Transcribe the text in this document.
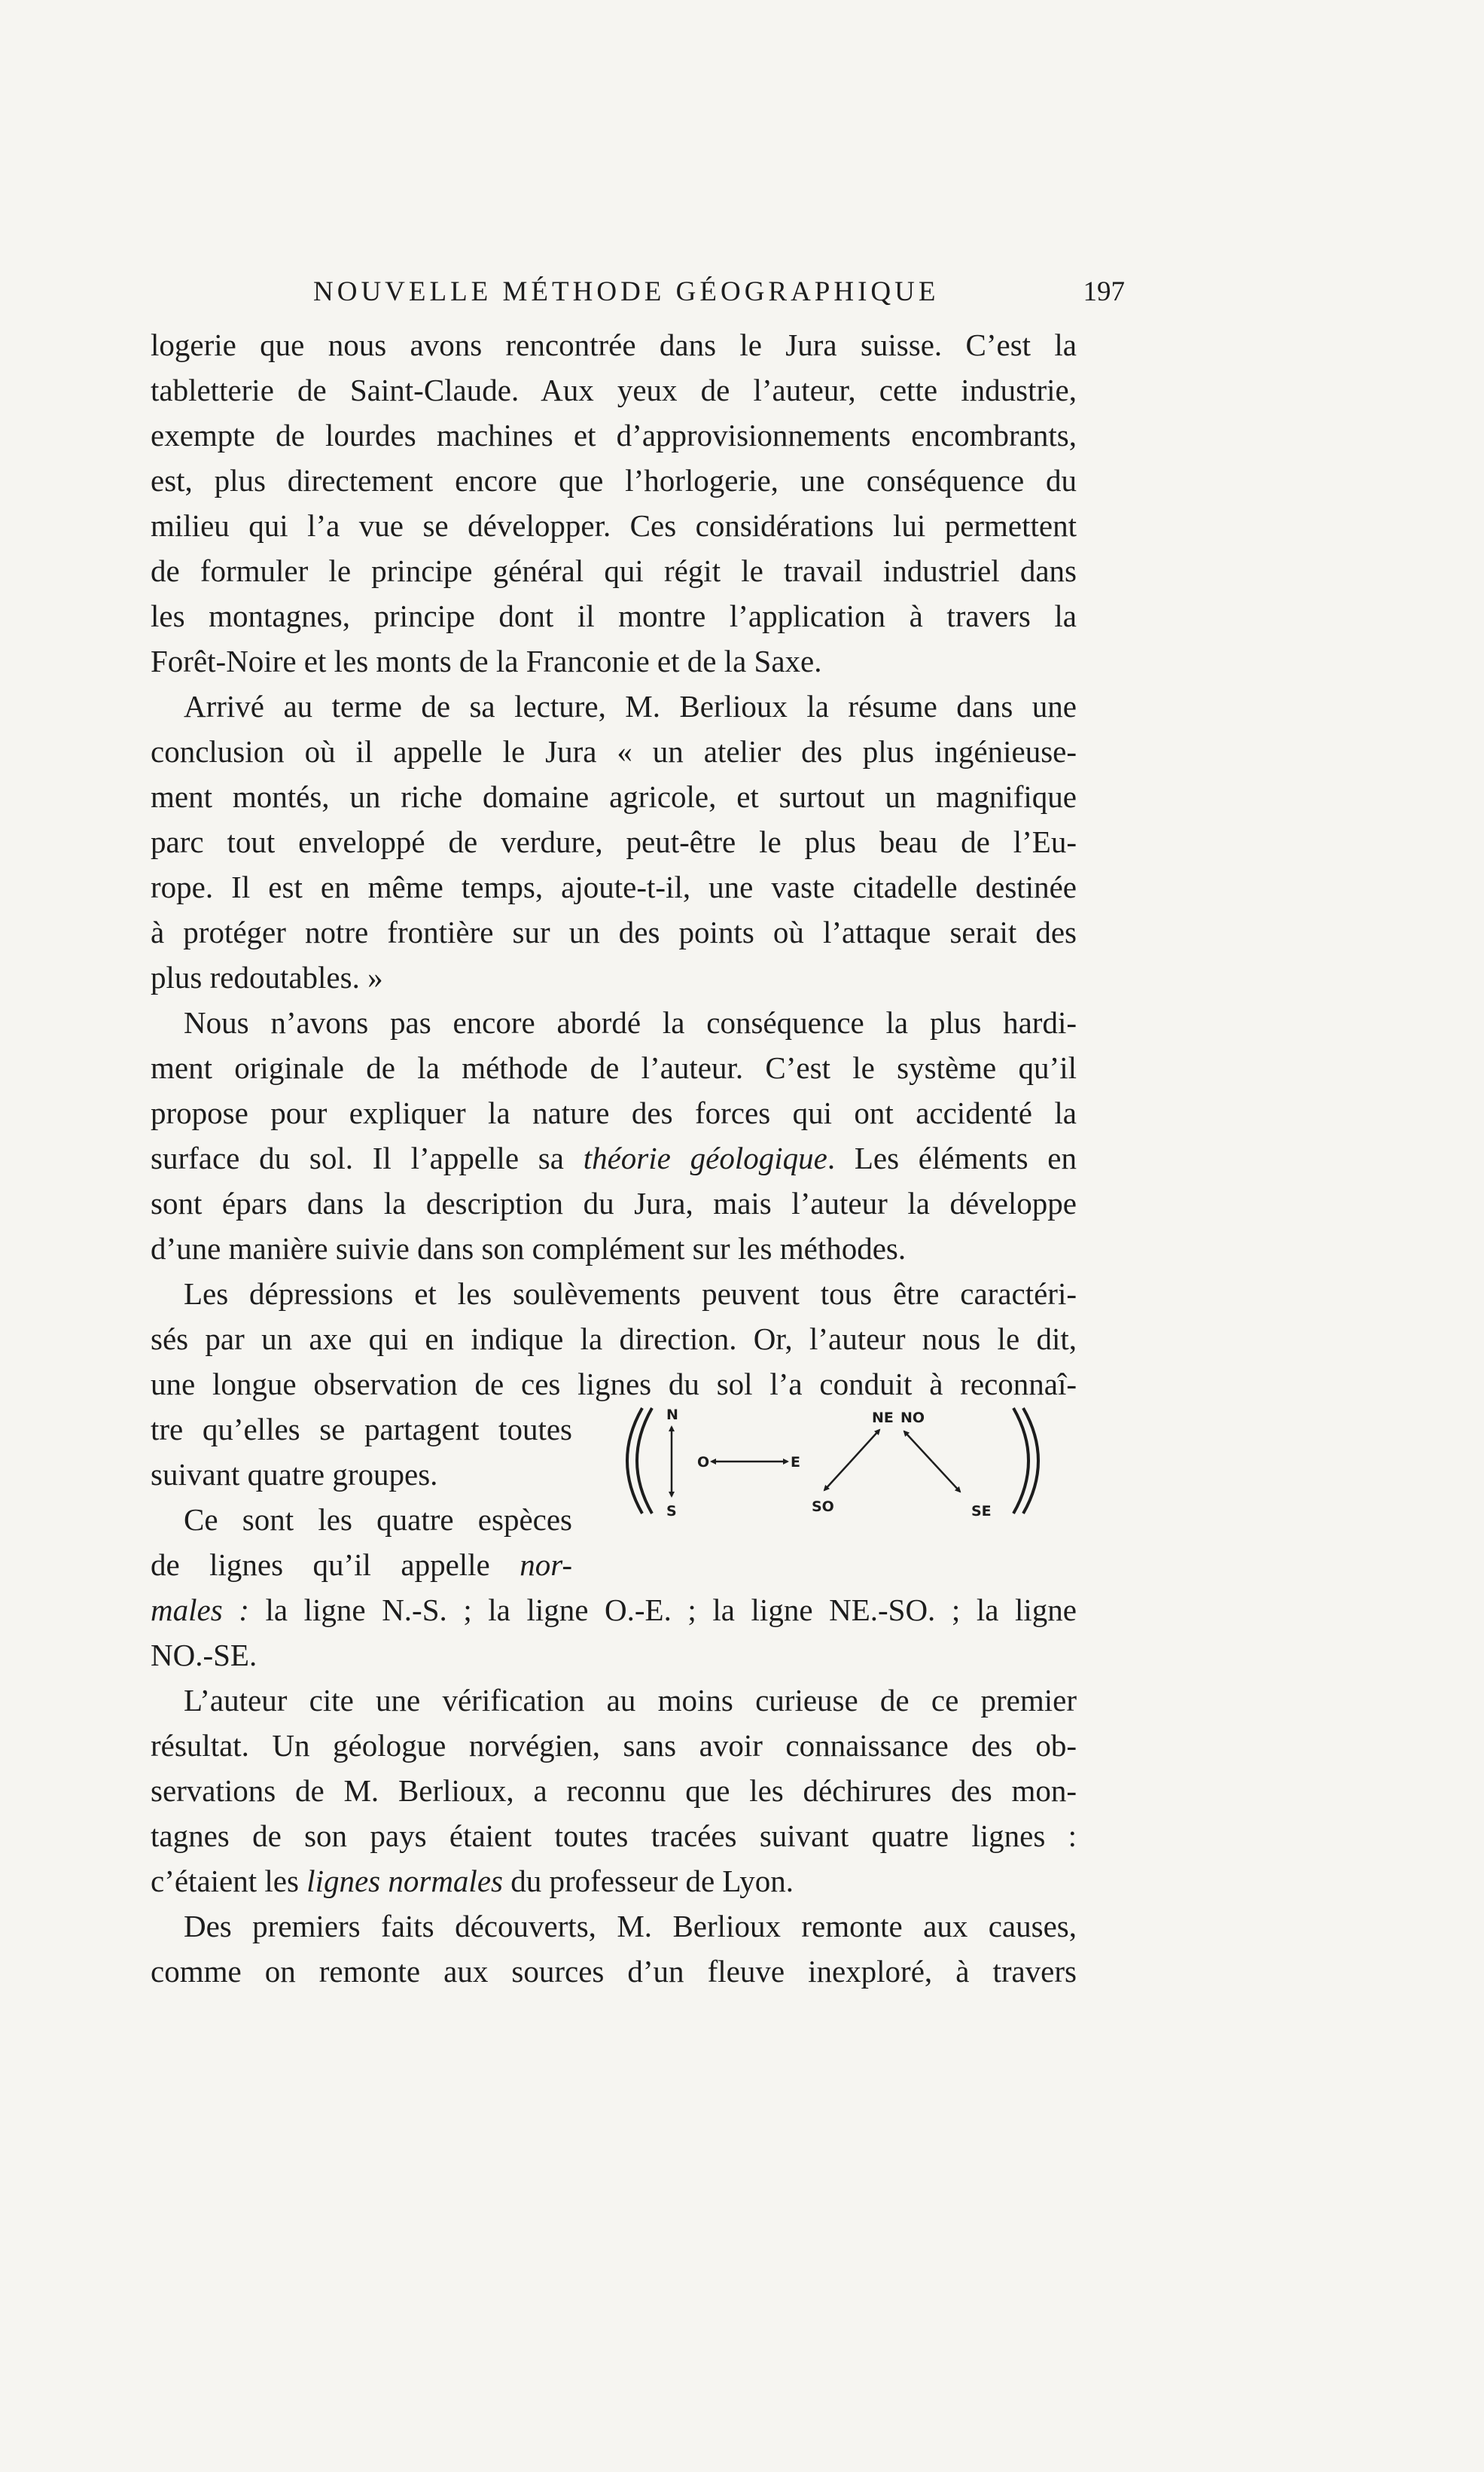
NOUVELLE MÉTHODE GÉOGRAPHIQUE	197
logerie que nous avons rencontrée dans le Jura suisse. C’est la
tabletterie de Saint-Claude. Aux yeux de l’auteur, cette industrie,
exempte de lourdes machines et d’approvisionnements encombrants,
est, plus directement encore que l’horlogerie, une conséquence du
milieu qui l’a vue se développer. Ces considérations lui permettent
de formuler le principe général qui régit le travail industriel dans
les montagnes, principe dont il montre l’application à travers la
Forêt-Noire et les monts de la Franconie et de la Saxe.
Arrivé au terme de sa lecture, M. Berlioux la résume dans une
conclusion où il appelle le Jura « un atelier des plus ingénieuse-
ment montés, un riche domaine agricole, et surtout un magnifique
parc tout enveloppé de verdure, peut-être le plus beau de l’Eu-
rope. Il est en même temps, ajoute-t-il, une vaste citadelle destinée
à protéger notre frontière sur un des points où l’attaque serait des
plus redoutables. »
Nous n’avons pas encore abordé la conséquence la plus hardi-
ment originale de la méthode de l’auteur. C’est le système qu’il
propose pour expliquer la nature des forces qui ont accidenté la
surface du sol. Il l’appelle sa théorie géologique. Les éléments en
sont épars dans la description du Jura, mais l’auteur la développe
d’une manière suivie dans son complément sur les méthodes.
Les dépressions et les soulèvements peuvent tous être caractéri-
sés par un axe qui en indique la direction. Or, l’auteur nous le dit,
une longue observation de ces lignes du sol l’a conduit à reconnaî-
tre qu’elles se partagent toutes
suivant quatre groupes.
Ce sont les quatre espèces
de lignes qu’il appelle nor-
males : la ligne N.-S. ; la ligne O.-E. ; la ligne NE.-SO. ; la ligne
NO.-SE.
L’auteur cite une vérification au moins curieuse de ce premier
résultat. Un géologue norvégien, sans avoir connaissance des ob-
servations de M. Berlioux, a reconnu que les déchirures des mon-
tagnes de son pays étaient toutes tracées suivant quatre lignes :
c’étaient les lignes normales du professeur de Lyon.
Des premiers faits découverts, M. Berlioux remonte aux causes,
comme on remonte aux sources d’un fleuve inexploré, à travers
N
S
O	E
NE
SO
NO
SE
